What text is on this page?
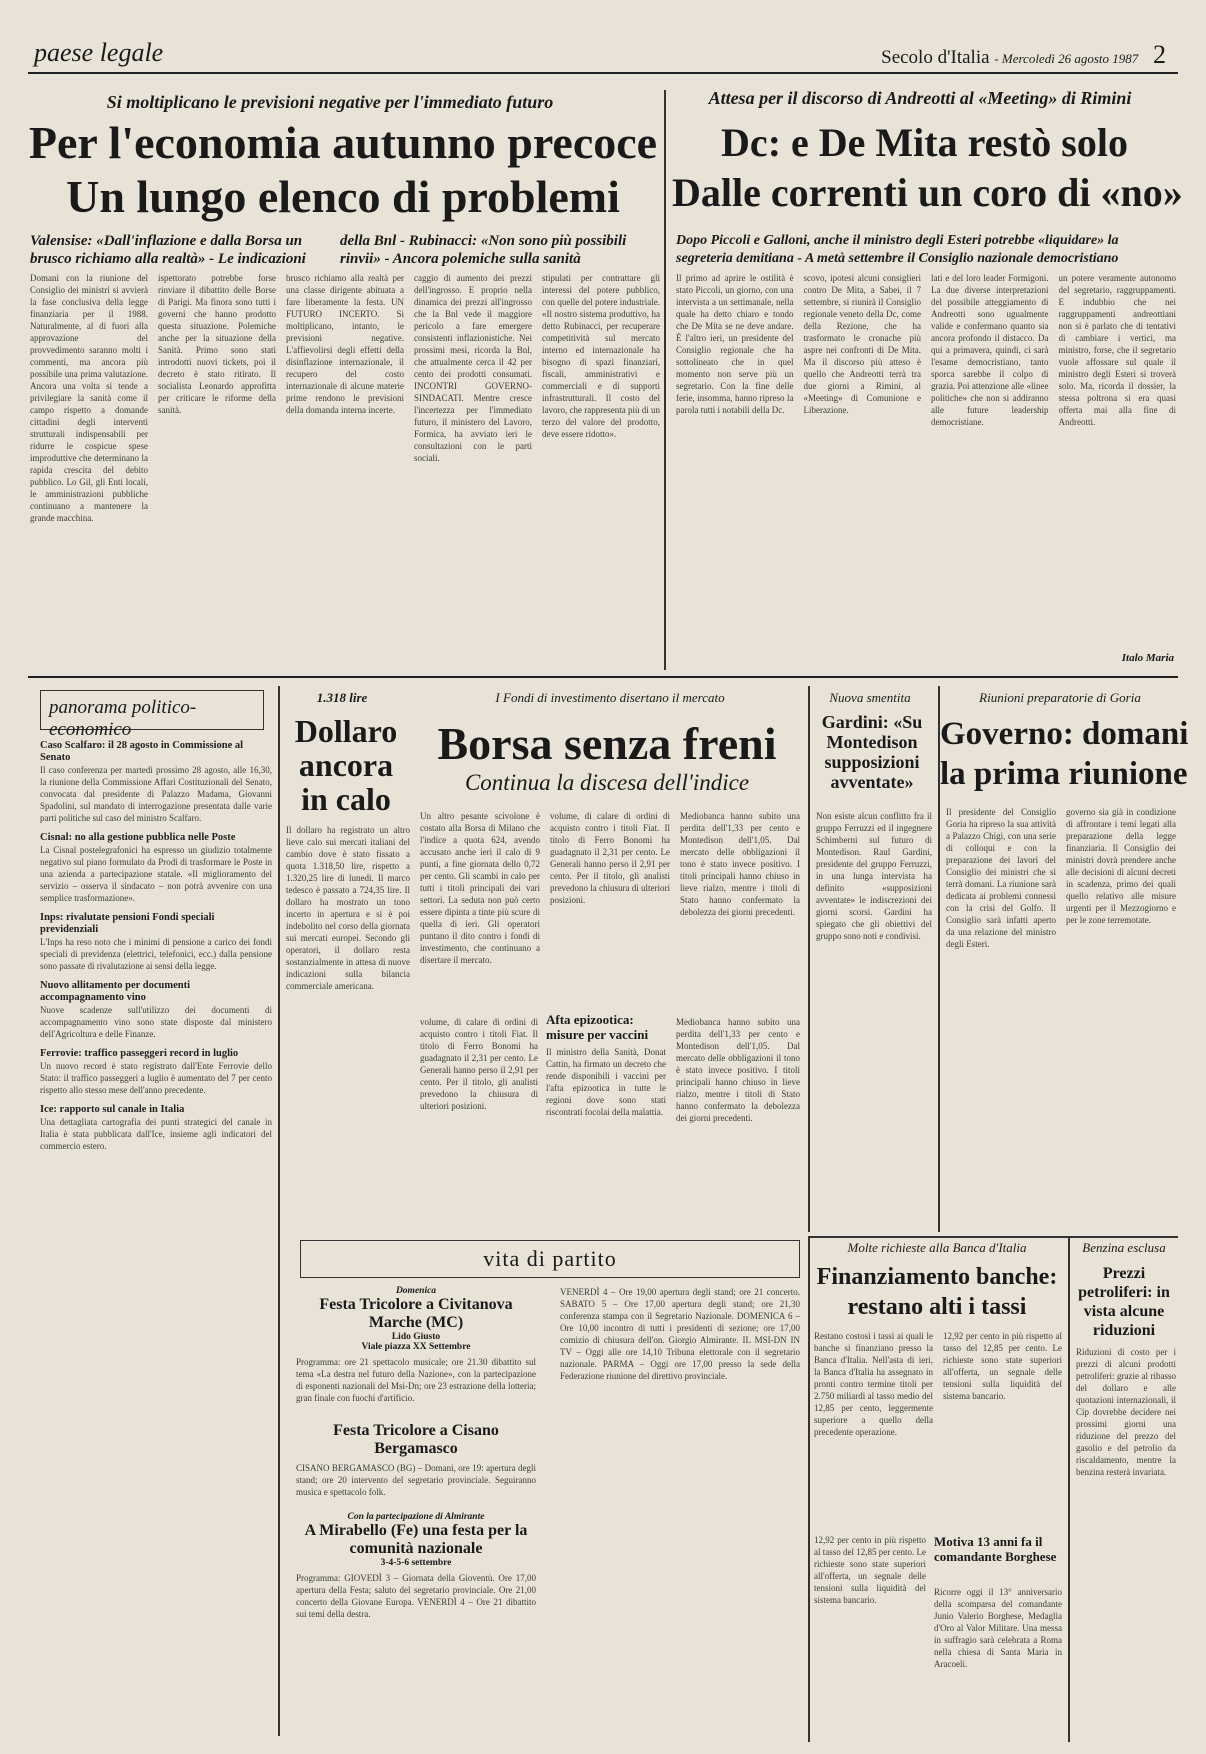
paese legale	Secolo d'Italia - Mercoledì 26 agosto 1987 2
Si moltiplicano le previsioni negative per l'immediato futuro
Per l'economia autunno precoce
Un lungo elenco di problemi
Valensise: «Dall'inflazione e dalla Borsa un brusco richiamo alla realtà» - Le indicazioni
della Bnl - Rubinacci: «Non sono più possibili rinvii» - Ancora polemiche sulla sanità
Domani con la riunione del Consiglio dei ministri si avvierà la fase conclusiva della legge finanziaria per il 1988. Naturalmente, al di fuori alla approvazione del provvedimento saranno molti i commenti, ma ancora più possibile una prima valutazione. Ancora una volta si tende a privilegiare la sanità come il campo rispetto a domande cittadini degli interventi strutturali indispensabili per ridurre le cospicue spese improduttive che determinano la rapida crescita del debito pubblico. Lo Gil, gli Enti locali, le amministrazioni pubbliche continuano a mantenere la grande macchina.
ispettorato potrebbe forse rinviare il dibattito delle Borse di Parigi. Ma finora sono tutti i governi che hanno prodotto questa situazione. Polemiche anche per la situazione della Sanità. Primo sono stati introdotti nuovi tickets, poi il decreto è stato ritirato. Il socialista Leonardo approfitta per criticare le riforme della sanità.
brusco richiamo alla realtà per una classe dirigente abituata a fare liberamente la festa. UN FUTURO INCERTO. Si moltiplicano, intanto, le previsioni negative. L'affievolirsi degli effetti della disinflazione internazionale, il recupero del costo internazionale di alcune materie prime rendono le previsioni della domanda interna incerte.
caggio di aumento dei prezzi dell'ingrosso. E proprio nella dinamica dei prezzi all'ingrosso che la Bnl vede il maggiore pericolo a fare emergere consistenti inflazionistiche. Nei prossimi mesi, ricorda la Bnl, che attualmente cerca il 42 per cento dei prodotti consumati. INCONTRI GOVERNO-SINDACATI. Mentre cresce l'incertezza per l'immediato futuro, il ministero del Lavoro, Formica, ha avviato ieri le consultazioni con le parti sociali.
stipulati per contrattare gli interessi del potere pubblico, con quelle del potere industriale. «Il nostro sistema produttivo, ha detto Rubinacci, per recuperare competitività sul mercato interno ed internazionale ha bisogno di spazi finanziari, fiscali, amministrativi e commerciali e di supporti infrastrutturali. Il costo del lavoro, che rappresenta più di un terzo del valore del prodotto, deve essere ridotto».
Attesa per il discorso di Andreotti al «Meeting» di Rimini
Dc: e De Mita restò solo
Dalle correnti un coro di «no»
Dopo Piccoli e Galloni, anche il ministro degli Esteri potrebbe «liquidare» la segreteria demitiana - A metà settembre il Consiglio nazionale democristiano
Il primo ad aprire le ostilità è stato Piccoli, un giorno, con una intervista a un settimanale, nella quale ha detto chiaro e tondo che De Mita se ne deve andare. È l'altro ieri, un presidente del Consiglio regionale che ha sottolineato che in quel momento non serve più un segretario. Con la fine delle ferie, insomma, hanno ripreso la parola tutti i notabili della Dc.
scovo, ipotesi alcuni consiglieri contro De Mita, a Sabei, il 7 settembre, si riunirà il Consiglio regionale veneto della Dc, come della Rezione, che ha trasformato le cronache più aspre nei confronti di De Mita. Ma il discorso più atteso è quello che Andreotti terrà tra due giorni a Rimini, al «Meeting» di Comunione e Liberazione.
lati e del loro leader Formigoni. La due diverse interpretazioni del possibile atteggiamento di Andreotti sono ugualmente valide e confermano quanto sia ancora profondo il distacco. Da qui a primavera, quindi, ci sarà l'esame democristiano, tanto sporca sarebbe il colpo di grazia. Poi attenzione alle «linee politiche» che non si addiranno alle future leadership democristiane.
un potere veramente autonomo del segretario, raggruppamenti. E indubbio che nei raggruppamenti andreottiani non si è parlato che di tentativi di cambiare i vertici, ma ministro, forse, che il segretario vuole affossare sul quale il ministro degli Esteri si troverà solo. Ma, ricorda il dossier, la stessa poltrona si era quasi offerta mai alla fine di Andreotti.
Italo Maria
panorama politico-economico
Caso Scalfaro: il 28 agosto in Commissione al Senato
Il caso conferenza per martedì prossimo 28 agosto, alle 16,30, la riunione della Commissione Affari Costituzionali del Senato, convocata dal presidente di Palazzo Madama, Giovanni Spadolini, sul mandato di interrogazione presentata dalle varie parti politiche sul caso del ministro Scalfaro.
Cisnal: no alla gestione pubblica nelle Poste
La Cisnal postelegrafonici ha espresso un giudizio totalmente negativo sul piano formulato da Prodi di trasformare le Poste in una azienda a partecipazione statale. «Il miglioramento del servizio – osserva il sindacato – non potrà avvenire con una semplice trasformazione».
Inps: rivalutate pensioni Fondi speciali previdenziali
L'Inps ha reso noto che i minimi di pensione a carico dei fondi speciali di previdenza (elettrici, telefonici, ecc.) dalla pensione sono passate di rivalutazione ai sensi della legge.
Nuovo allitamento per documenti accompagnamento vino
Nuove scadenze sull'utilizzo dei documenti di accompagnamento vino sono state disposte dal ministero dell'Agricoltura e delle Finanze.
Ferrovie: traffico passeggeri record in luglio
Un nuovo record è stato registrato dall'Ente Ferrovie dello Stato: il traffico passeggeri a luglio è aumentato del 7 per cento rispetto allo stesso mese dell'anno precedente.
Ice: rapporto sul canale in Italia
Una dettagliata cartografia dei punti strategici del canale in Italia è stata pubblicata dall'Ice, insieme agli indicatori del commercio estero.
1.318 lire
Dollaro ancora in calo
Il dollaro ha registrato un altro lieve calo sui mercati italiani del cambio dove è stato fissato a quota 1.318,50 lire, rispetto a 1.320,25 lire di lunedì. Il marco tedesco è passato a 724,35 lire. Il dollaro ha mostrato un tono incerto in apertura e si è poi indebolito nel corso della giornata sui mercati europei. Secondo gli operatori, il dollaro resta sostanzialmente in attesa di nuove indicazioni sulla bilancia commerciale americana.
I Fondi di investimento disertano il mercato
Borsa senza freni
Continua la discesa dell'indice
Un altro pesante scivolone è costato alla Borsa di Milano che l'indice a quota 624, avendo accusato anche ieri il calo di 9 punti, a fine giornata dello 0,72 per cento. Gli scambi in calo per tutti i titoli principali dei vari settori. La seduta non può certo essere dipinta a tinte più scure di quella di ieri. Gli operatori puntano il dito contro i fondi di investimento, che continuano a disertare il mercato.
volume, di calare di ordini di acquisto contro i titoli Fiat. Il titolo di Ferro Bonomi ha guadagnato il 2,31 per cento. Le Generali hanno perso il 2,91 per cento. Per il titolo, gli analisti prevedono la chiusura di ulteriori posizioni.
Mediobanca hanno subito una perdita dell'1,33 per cento e Montedison dell'1,05. Dal mercato delle obbligazioni il tono è stato invece positivo. I titoli principali hanno chiuso in lieve rialzo, mentre i titoli di Stato hanno confermato la debolezza dei giorni precedenti.
Afta epizootica: misure per vaccini
Il ministro della Sanità, Donat Cattin, ha firmato un decreto che rende disponibili i vaccini per l'afta epizootica in tutte le regioni dove sono stati riscontrati focolai della malattia.
volume, di calare di ordini di acquisto contro i titoli Fiat. Il titolo di Ferro Bonomi ha guadagnato il 2,31 per cento. Le Generali hanno perso il 2,91 per cento. Per il titolo, gli analisti prevedono la chiusura di ulteriori posizioni.
Mediobanca hanno subito una perdita dell'1,33 per cento e Montedison dell'1,05. Dal mercato delle obbligazioni il tono è stato invece positivo. I titoli principali hanno chiuso in lieve rialzo, mentre i titoli di Stato hanno confermato la debolezza dei giorni precedenti.
Nuova smentita
Gardini: «Su Montedison supposizioni avventate»
Non esiste alcun conflitto fra il gruppo Ferruzzi ed il ingegnere Schimberni sul futuro di Montedison. Raul Gardini, presidente del gruppo Ferruzzi, in una lunga intervista ha definito «supposizioni avventate» le indiscrezioni dei giorni scorsi. Gardini ha spiegato che gli obiettivi del gruppo sono noti e condivisi.
Riunioni preparatorie di Goria
Governo: domani
la prima riunione
Il presidente del Consiglio Goria ha ripreso la sua attività a Palazzo Chigi, con una serie di colloqui e con la preparazione dei lavori del Consiglio dei ministri che si terrà domani. La riunione sarà dedicata ai problemi connessi con la crisi del Golfo. Il Consiglio sarà infatti aperto da una relazione del ministro degli Esteri.
governo sia già in condizione di affrontare i temi legati alla preparazione della legge finanziaria. Il Consiglio dei ministri dovrà prendere anche alle decisioni di alcuni decreti in scadenza, primo dei quali quello relativo alle misure urgenti per il Mezzogiorno e per le zone terremotate.
vita di partito
Domenica
Festa Tricolore a Civitanova Marche (MC)
Lido Giusto
Viale piazza XX Settembre
Programma: ore 21 spettacolo musicale; ore 21.30 dibattito sul tema «La destra nel futuro della Nazione», con la partecipazione di esponenti nazionali del Msi-Dn; ore 23 estrazione della lotteria; gran finale con fuochi d'artificio.
Festa Tricolore a Cisano Bergamasco
CISANO BERGAMASCO (BG) – Domani, ore 19: apertura degli stand; ore 20 intervento del segretario provinciale. Seguiranno musica e spettacolo folk.
Con la partecipazione di Almirante
A Mirabello (Fe) una festa per la comunità nazionale
3-4-5-6 settembre
Programma: GIOVEDÌ 3 – Giornata della Gioventù. Ore 17,00 apertura della Festa; saluto del segretario provinciale. Ore 21,00 concerto della Giovane Europa. VENERDÌ 4 – Ore 21 dibattito sui temi della destra.
VENERDÌ 4 – Ore 19,00 apertura degli stand; ore 21 concerto. SABATO 5 – Ore 17,00 apertura degli stand; ore 21,30 conferenza stampa con il Segretario Nazionale. DOMENICA 6 – Ore 10,00 incontro di tutti i presidenti di sezione; ore 17,00 comizio di chiusura dell'on. Giorgio Almirante. IL MSI-DN IN TV – Oggi alle ore 14,10 Tribuna elettorale con il segretario nazionale. PARMA – Oggi ore 17,00 presso la sede della Federazione riunione del direttivo provinciale.
Molte richieste alla Banca d'Italia
Finanziamento banche:
restano alti i tassi
Restano costosi i tassi ai quali le banche si finanziano presso la Banca d'Italia. Nell'asta di ieri, la Banca d'Italia ha assegnato in pronti contro termine titoli per 2.750 miliardi al tasso medio del 12,85 per cento, leggermente superiore a quello della precedente operazione.
12,92 per cento in più rispetto al tasso del 12,85 per cento. Le richieste sono state superiori all'offerta, un segnale delle tensioni sulla liquidità del sistema bancario.
Motiva 13 anni fa il comandante Borghese
Ricorre oggi il 13° anniversario della scomparsa del comandante Junio Valerio Borghese, Medaglia d'Oro al Valor Militare. Una messa in suffragio sarà celebrata a Roma nella chiesa di Santa Maria in Aracoeli.
12,92 per cento in più rispetto al tasso del 12,85 per cento. Le richieste sono state superiori all'offerta, un segnale delle tensioni sulla liquidità del sistema bancario.
Benzina esclusa
Prezzi petroliferi: in vista alcune riduzioni
Riduzioni di costo per i prezzi di alcuni prodotti petroliferi: grazie al ribasso del dollaro e alle quotazioni internazionali, il Cip dovrebbe decidere nei prossimi giorni una riduzione del prezzo del gasolio e del petrolio da riscaldamento, mentre la benzina resterà invariata.
